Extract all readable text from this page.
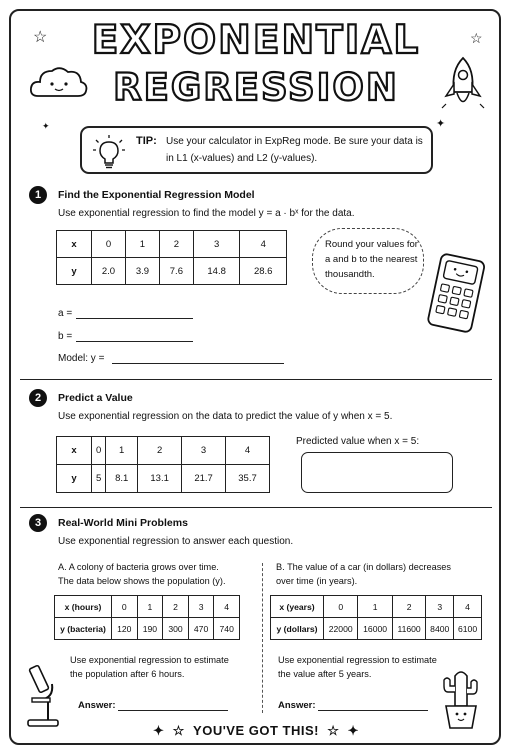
☆	☆
✦
✦
EXPONENTIAL
REGRESSION
TIP: Use your calculator in ExpReg mode. Be sure your data is in L1 (x-values) and L2 (y-values).
1	Find the Exponential Regression Model
Use exponential regression to find the model y = a · bˣ for the data.
x	0	1	2	3	4
y	2.0	3.9	7.6	14.8	28.6
Round your values for a and b to the nearest thousandth.
a =
b =
Model: y =
2	Predict a Value
Use exponential regression on the data to predict the value of y when x = 5.
x	0	1	2	3	4
y	5	8.1	13.1	21.7	35.7
Predicted value when x = 5:
3	Real-World Mini Problems
Use exponential regression to answer each question.
A. A colony of bacteria grows over time.
The data below shows the population (y).
x (hours)	0	1	2	3	4
y (bacteria)	120	190	300	470	740
Use exponential regression to estimate
the population after 6 hours.
Answer:
B. The value of a car (in dollars) decreases
over time (in years).
x (years)	0	1	2	3	4
y (dollars)	22000	16000	11600	8400	6100
Use exponential regression to estimate
the value after 5 years.
Answer:
✦  ☆  YOU'VE GOT THIS!  ☆  ✦
